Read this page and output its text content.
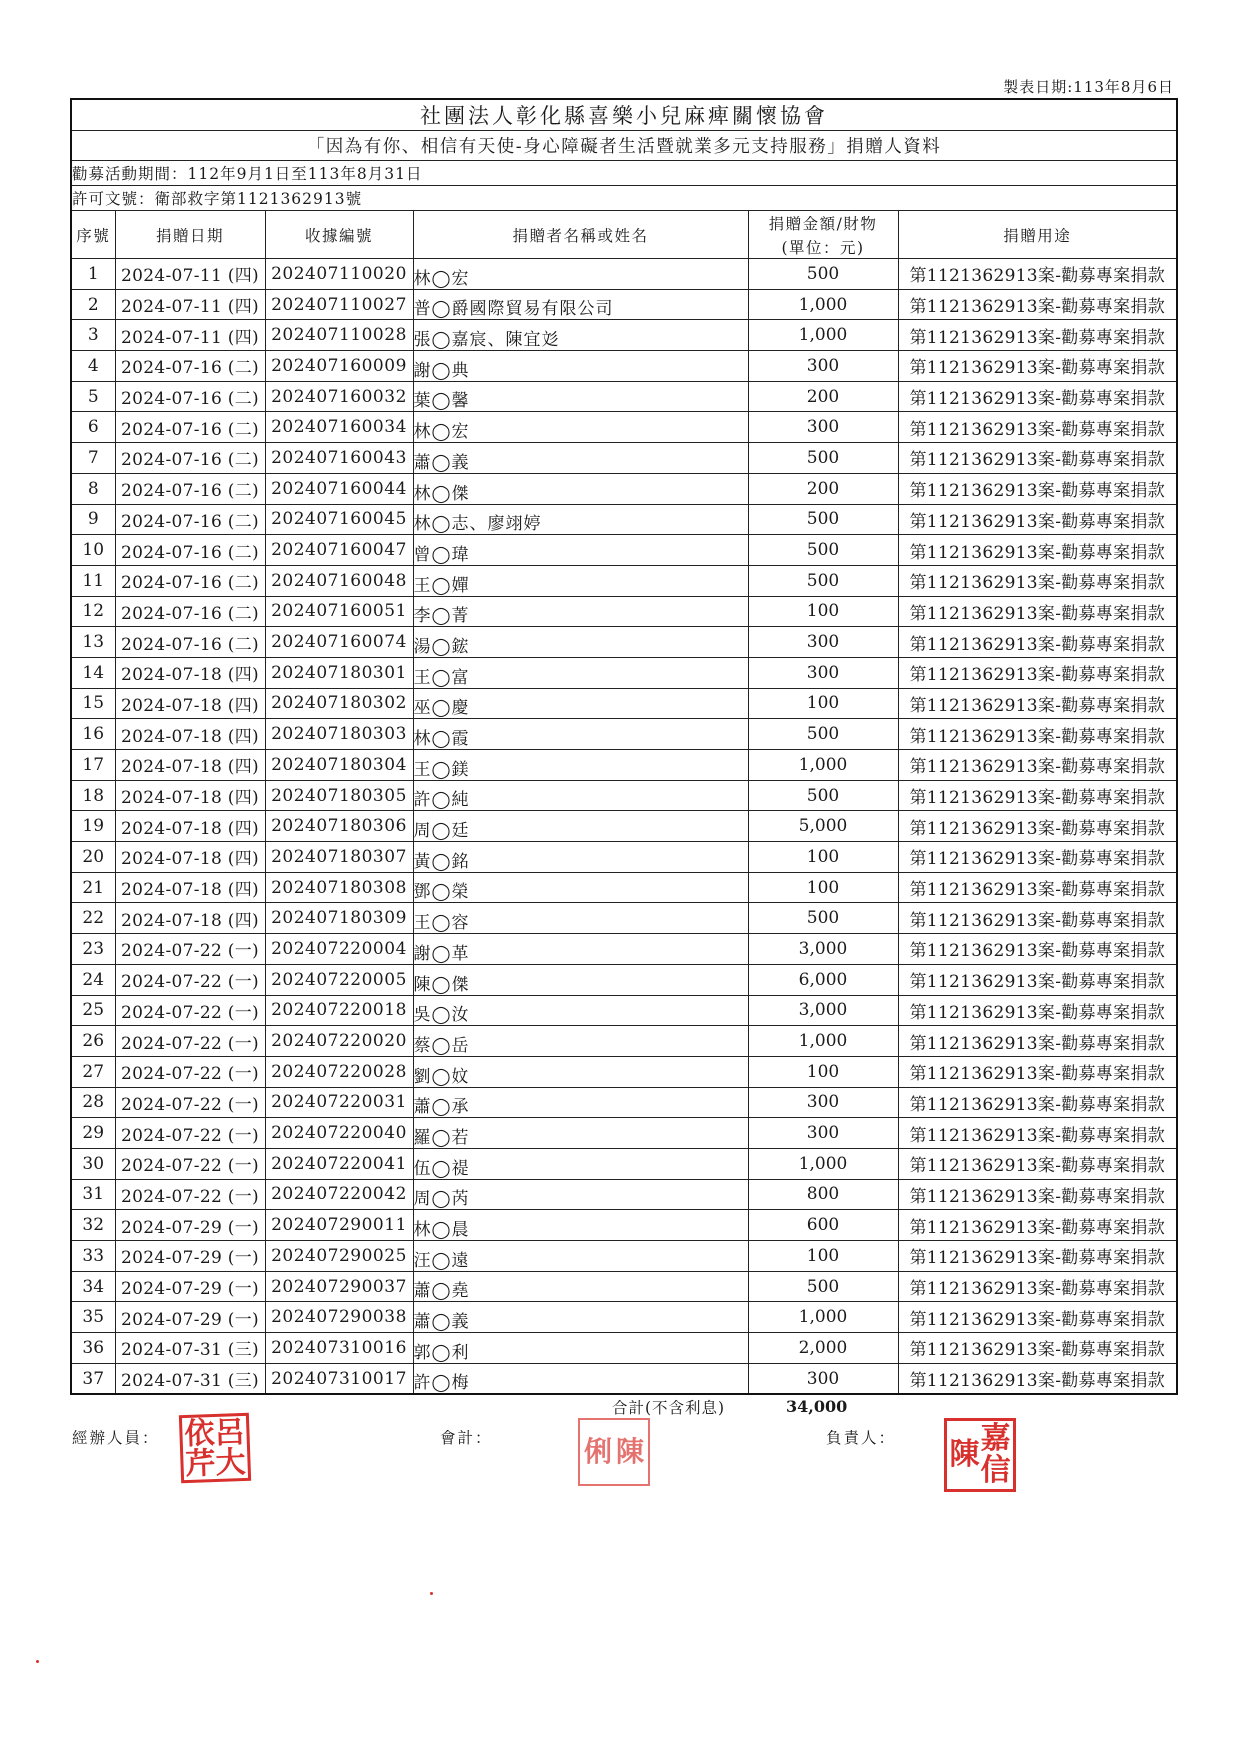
製表日期:113年8月6日
社團法人彰化縣喜樂小兒麻痺關懷協會					
「因為有你、相信有天使-身心障礙者生活暨就業多元支持服務」捐贈人資料					
勸募活動期間：112年9月1日至113年8月31日					
許可文號：衛部救字第1121362913號					
序號	捐贈日期	收據編號	捐贈者名稱或姓名	捐贈金額/財物	捐贈用途
				(單位：元)	
1	2024-07-11 (四)	202407110020	林◯宏	500	第1121362913案-勸募專案捐款
2	2024-07-11 (四)	202407110027	普◯爵國際貿易有限公司	1,000	第1121362913案-勸募專案捐款
3	2024-07-11 (四)	202407110028	張◯嘉宸、陳宜彣	1,000	第1121362913案-勸募專案捐款
4	2024-07-16 (二)	202407160009	謝◯典	300	第1121362913案-勸募專案捐款
5	2024-07-16 (二)	202407160032	葉◯馨	200	第1121362913案-勸募專案捐款
6	2024-07-16 (二)	202407160034	林◯宏	300	第1121362913案-勸募專案捐款
7	2024-07-16 (二)	202407160043	蕭◯義	500	第1121362913案-勸募專案捐款
8	2024-07-16 (二)	202407160044	林◯傑	200	第1121362913案-勸募專案捐款
9	2024-07-16 (二)	202407160045	林◯志、廖翊婷	500	第1121362913案-勸募專案捐款
10	2024-07-16 (二)	202407160047	曾◯瑋	500	第1121362913案-勸募專案捐款
11	2024-07-16 (二)	202407160048	王◯嬋	500	第1121362913案-勸募專案捐款
12	2024-07-16 (二)	202407160051	李◯菁	100	第1121362913案-勸募專案捐款
13	2024-07-16 (二)	202407160074	湯◯鋐	300	第1121362913案-勸募專案捐款
14	2024-07-18 (四)	202407180301	王◯富	300	第1121362913案-勸募專案捐款
15	2024-07-18 (四)	202407180302	巫◯慶	100	第1121362913案-勸募專案捐款
16	2024-07-18 (四)	202407180303	林◯霞	500	第1121362913案-勸募專案捐款
17	2024-07-18 (四)	202407180304	王◯鎂	1,000	第1121362913案-勸募專案捐款
18	2024-07-18 (四)	202407180305	許◯純	500	第1121362913案-勸募專案捐款
19	2024-07-18 (四)	202407180306	周◯廷	5,000	第1121362913案-勸募專案捐款
20	2024-07-18 (四)	202407180307	黃◯銘	100	第1121362913案-勸募專案捐款
21	2024-07-18 (四)	202407180308	鄧◯榮	100	第1121362913案-勸募專案捐款
22	2024-07-18 (四)	202407180309	王◯容	500	第1121362913案-勸募專案捐款
23	2024-07-22 (一)	202407220004	謝◯革	3,000	第1121362913案-勸募專案捐款
24	2024-07-22 (一)	202407220005	陳◯傑	6,000	第1121362913案-勸募專案捐款
25	2024-07-22 (一)	202407220018	吳◯汝	3,000	第1121362913案-勸募專案捐款
26	2024-07-22 (一)	202407220020	蔡◯岳	1,000	第1121362913案-勸募專案捐款
27	2024-07-22 (一)	202407220028	劉◯妏	100	第1121362913案-勸募專案捐款
28	2024-07-22 (一)	202407220031	蕭◯承	300	第1121362913案-勸募專案捐款
29	2024-07-22 (一)	202407220040	羅◯若	300	第1121362913案-勸募專案捐款
30	2024-07-22 (一)	202407220041	伍◯禔	1,000	第1121362913案-勸募專案捐款
31	2024-07-22 (一)	202407220042	周◯芮	800	第1121362913案-勸募專案捐款
32	2024-07-29 (一)	202407290011	林◯晨	600	第1121362913案-勸募專案捐款
33	2024-07-29 (一)	202407290025	汪◯遠	100	第1121362913案-勸募專案捐款
34	2024-07-29 (一)	202407290037	蕭◯堯	500	第1121362913案-勸募專案捐款
35	2024-07-29 (一)	202407290038	蕭◯義	1,000	第1121362913案-勸募專案捐款
36	2024-07-31 (三)	202407310016	郭◯利	2,000	第1121362913案-勸募專案捐款
37	2024-07-31 (三)	202407310017	許◯梅	300	第1121362913案-勸募專案捐款
合計(不含利息)	34,000
經辦人員：	會計：	負責人：
依
呂
芹
大	俐 陳	嘉
陳 信
